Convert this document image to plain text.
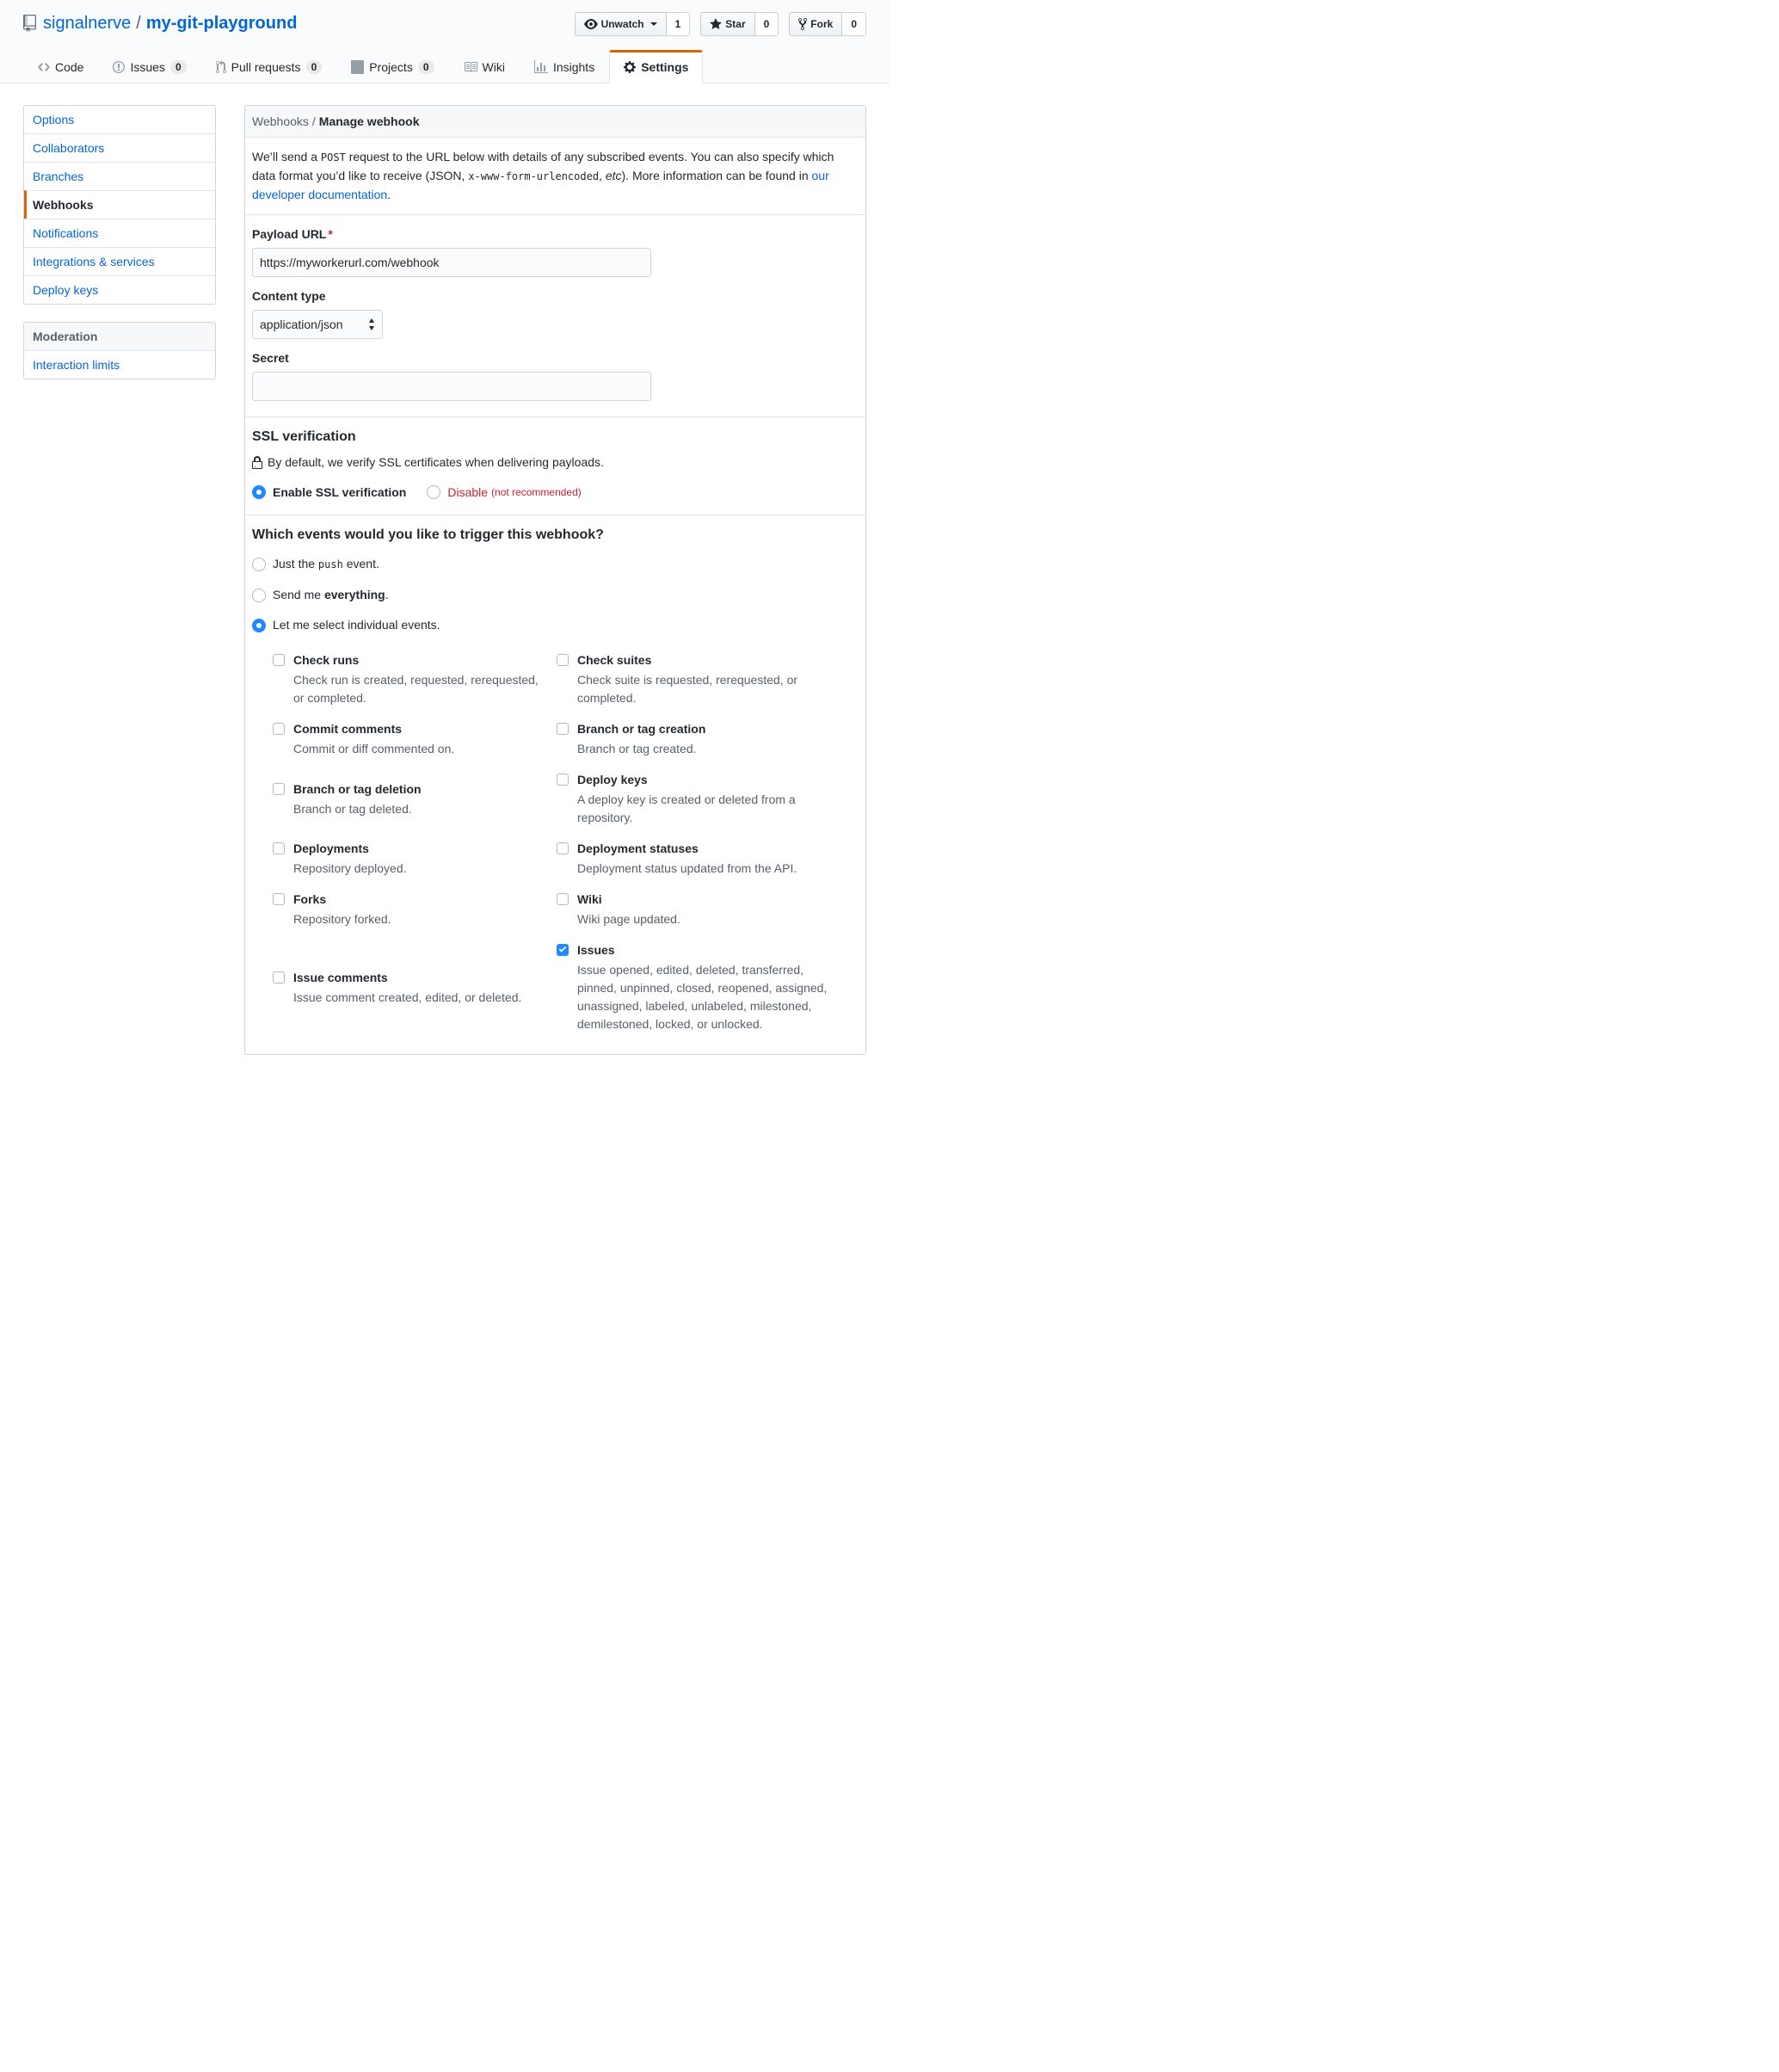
signalnerve / my-git-playground	Unwatch	1	Star	0	Fork	0
Code	Issues	0	Pull requests	0	Projects	0	Wiki	Insights	Settings
Options
Collaborators
Branches
Webhooks
Notifications
Integrations & services
Deploy keys
Moderation
Interaction limits
Webhooks / Manage webhook

We’ll send a POST request to the URL below with details of any subscribed events. You can also specify which data format you’d like to receive (JSON, x-www-form-urlencoded, etc). More information can be found in our developer documentation.

Payload URL *
https://myworkerurl.com/webhook
Content type
application/json
Secret
SSL verification

By default, we verify SSL certificates when delivering payloads.

Enable SSL verification	Disable (not recommended)
Which events would you like to trigger this webhook?
Just the push event.
Send me everything.
Let me select individual events.
Check runs
Check run is created, requested, rerequested, or completed.
Check suites
Check suite is requested, rerequested, or completed.
Commit comments
Commit or diff commented on.
Branch or tag creation
Branch or tag created.
Branch or tag deletion
Branch or tag deleted.
Deploy keys
A deploy key is created or deleted from a repository.
Deployments
Repository deployed.
Deployment statuses
Deployment status updated from the API.
Forks
Repository forked.
Wiki
Wiki page updated.
Issue comments
Issue comment created, edited, or deleted.
Issues
Issue opened, edited, deleted, transferred, pinned, unpinned, closed, reopened, assigned, unassigned, labeled, unlabeled, milestoned, demilestoned, locked, or unlocked.
